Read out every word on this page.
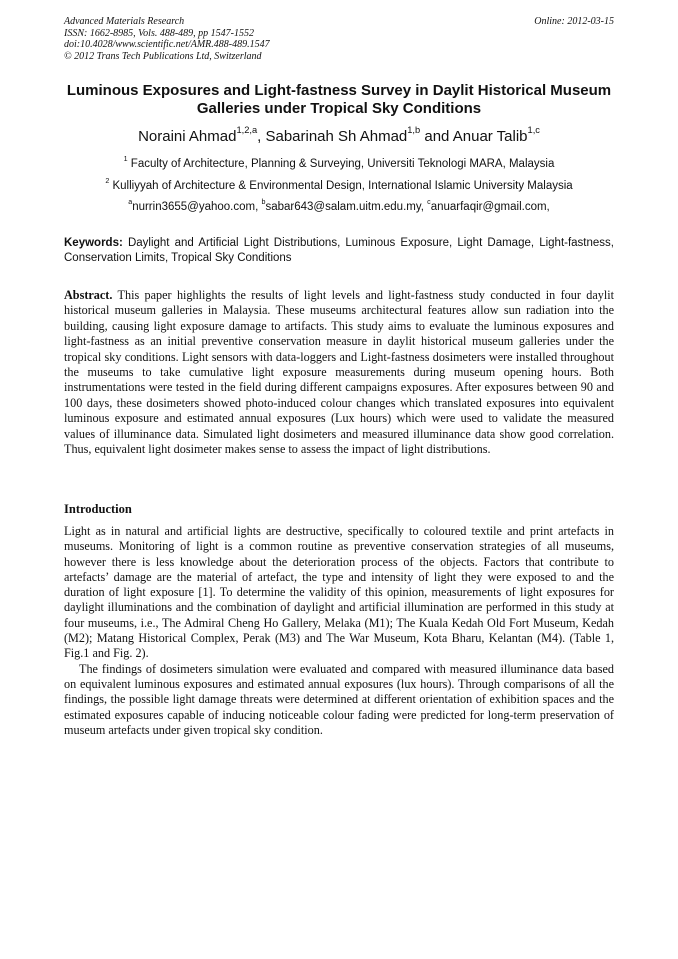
Advanced Materials Research
ISSN: 1662-8985, Vols. 488-489, pp 1547-1552
doi:10.4028/www.scientific.net/AMR.488-489.1547
© 2012 Trans Tech Publications Ltd, Switzerland
Online: 2012-03-15
Luminous Exposures and Light-fastness Survey in Daylit Historical Museum Galleries under Tropical Sky Conditions
Noraini Ahmad$^{1,2,a}$, Sabarinah Sh Ahmad$^{1,b}$ and Anuar Talib$^{1,c}$
$^1$ Faculty of Architecture, Planning & Surveying, Universiti Teknologi MARA, Malaysia
$^2$ Kulliyyah of Architecture & Environmental Design, International Islamic University Malaysia
$^a$nurrin3655@yahoo.com, $^b$sabar643@salam.uitm.edu.my, $^c$anuarfaqir@gmail.com,
Keywords: Daylight and Artificial Light Distributions, Luminous Exposure, Light Damage, Light-fastness, Conservation Limits, Tropical Sky Conditions

Abstract. This paper highlights the results of light levels and light-fastness study conducted in four daylit historical museum galleries in Malaysia. These museums architectural features allow sun radiation into the building, causing light exposure damage to artifacts. This study aims to evaluate the luminous exposures and light-fastness as an initial preventive conservation measure in daylit historical museum galleries under the tropical sky conditions. Light sensors with data-loggers and Light-fastness dosimeters were installed throughout the museums to take cumulative light exposure measurements during museum opening hours. Both instrumentations were tested in the field during different campaigns exposures. After exposures between 90 and 100 days, these dosimeters showed photo-induced colour changes which translated exposures into equivalent luminous exposure and estimated annual exposures (Lux hours) which were used to validate the measured values of illuminance data. Simulated light dosimeters and measured illuminance data show good correlation. Thus, equivalent light dosimeter makes sense to assess the impact of light distributions.

Introduction

Light as in natural and artificial lights are destructive, specifically to coloured textile and print artefacts in museums. Monitoring of light is a common routine as preventive conservation strategies of all museums, however there is less knowledge about the deterioration process of the objects. Factors that contribute to artefacts’ damage are the material of artefact, the type and intensity of light they were exposed to and the duration of light exposure [1]. To determine the validity of this opinion, measurements of light exposures for daylight illuminations and the combination of daylight and artificial illumination are performed in this study at four museums, i.e., The Admiral Cheng Ho Gallery, Melaka (M1); The Kuala Kedah Old Fort Museum, Kedah (M2); Matang Historical Complex, Perak (M3) and The War Museum, Kota Bharu, Kelantan (M4). (Table 1, Fig.1 and Fig. 2).

The findings of dosimeters simulation were evaluated and compared with measured illuminance data based on equivalent luminous exposures and estimated annual exposures (lux hours). Through comparisons of all the findings, the possible light damage threats were determined at different orientation of exhibition spaces and the estimated exposures capable of inducing noticeable colour fading were predicted for long-term preservation of museum artefacts under given tropical sky condition.
